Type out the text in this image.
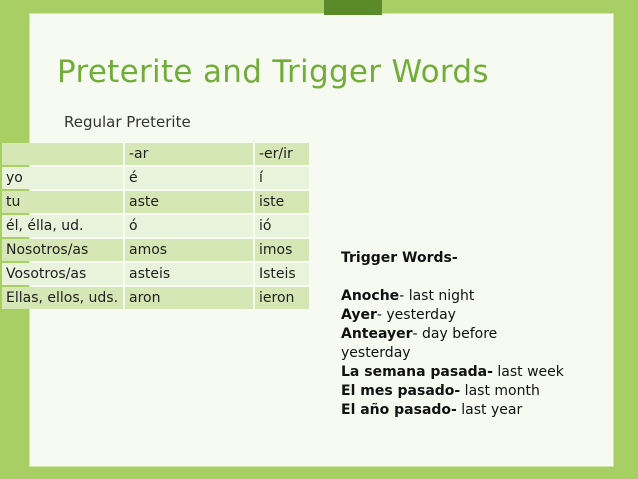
Preterite and Trigger Words
Regular Preterite
	-ar	-er/ir
yo	é	í
tu	aste	iste
él, élla, ud.	ó	ió
Nosotros/as	amos	imos
Vosotros/as	asteis	Isteis
Ellas, ellos, uds.	aron	ieron
Trigger Words-
Anoche- last night
Ayer- yesterday
Anteayer- day before
yesterday
La semana pasada- last week
El mes pasado- last month
El año pasado- last year
